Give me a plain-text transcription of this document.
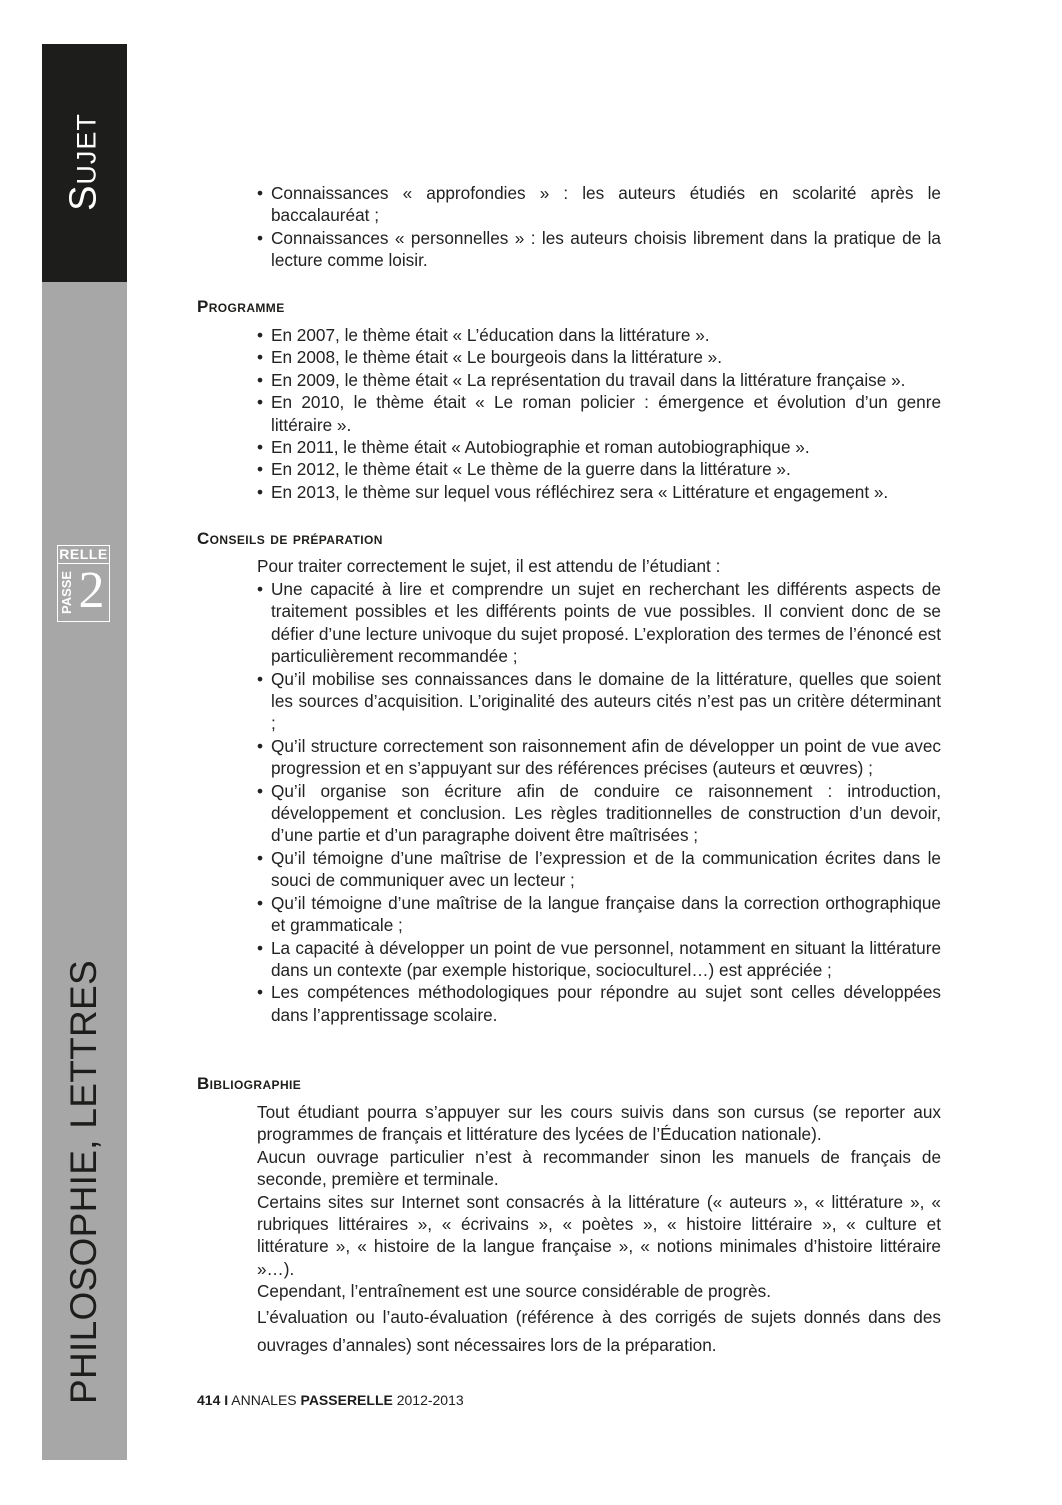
Sujet
PHILOSOPHIE, LETTRES
RELLE
PASSE 2
• Connaissances « approfondies » : les auteurs étudiés en scolarité après le baccalauréat ;
• Connaissances « personnelles » : les auteurs choisis librement dans la pratique de la lecture comme loisir.
Programme
• En 2007, le thème était « L’éducation dans la littérature ».
• En 2008, le thème était « Le bourgeois dans la littérature ».
• En 2009, le thème était « La représentation du travail dans la littérature française ».
• En 2010, le thème était « Le roman policier : émergence et évolution d’un genre littéraire ».
• En 2011, le thème était « Autobiographie et roman autobiographique ».
• En 2012, le thème était « Le thème de la guerre dans la littérature ».
• En 2013, le thème sur lequel vous réfléchirez sera « Littérature et engagement ».
Conseils de préparation

Pour traiter correctement le sujet, il est attendu de l’étudiant :

• Une capacité à lire et comprendre un sujet en recherchant les différents aspects de traitement possibles et les différents points de vue possibles. Il convient donc de se défier d’une lecture univoque du sujet proposé. L’exploration des termes de l’énoncé est particulièrement recommandée ;
• Qu’il mobilise ses connaissances dans le domaine de la littérature, quelles que soient les sources d’acquisition. L’originalité des auteurs cités n’est pas un critère déterminant ;
• Qu’il structure correctement son raisonnement afin de développer un point de vue avec progression et en s’appuyant sur des références précises (auteurs et œuvres) ;
• Qu’il organise son écriture afin de conduire ce raisonnement : introduction, développement et conclusion. Les règles traditionnelles de construction d’un devoir, d’une partie et d’un paragraphe doivent être maîtrisées ;
• Qu’il témoigne d’une maîtrise de l’expression et de la communication écrites dans le souci de communiquer avec un lecteur ;
• Qu’il témoigne d’une maîtrise de la langue française dans la correction orthographique et grammaticale ;
• La capacité à développer un point de vue personnel, notamment en situant la littérature dans un contexte (par exemple historique, socioculturel…) est appréciée ;
• Les compétences méthodologiques pour répondre au sujet sont celles développées dans l’apprentissage scolaire.
Bibliographie

Tout étudiant pourra s’appuyer sur les cours suivis dans son cursus (se reporter aux programmes de français et littérature des lycées de l’Éducation nationale).

Aucun ouvrage particulier n’est à recommander sinon les manuels de français de seconde, première et terminale.

Certains sites sur Internet sont consacrés à la littérature (« auteurs », « littérature », « rubriques littéraires », « écrivains », « poètes », « histoire littéraire », « culture et littérature », « histoire de la langue française », « notions minimales d’histoire littéraire »…).

Cependant, l’entraînement est une source considérable de progrès.

L’évaluation ou l’auto-évaluation (référence à des corrigés de sujets donnés dans des ouvrages d’annales) sont nécessaires lors de la préparation.

414 I ANNALES PASSERELLE 2012-2013
